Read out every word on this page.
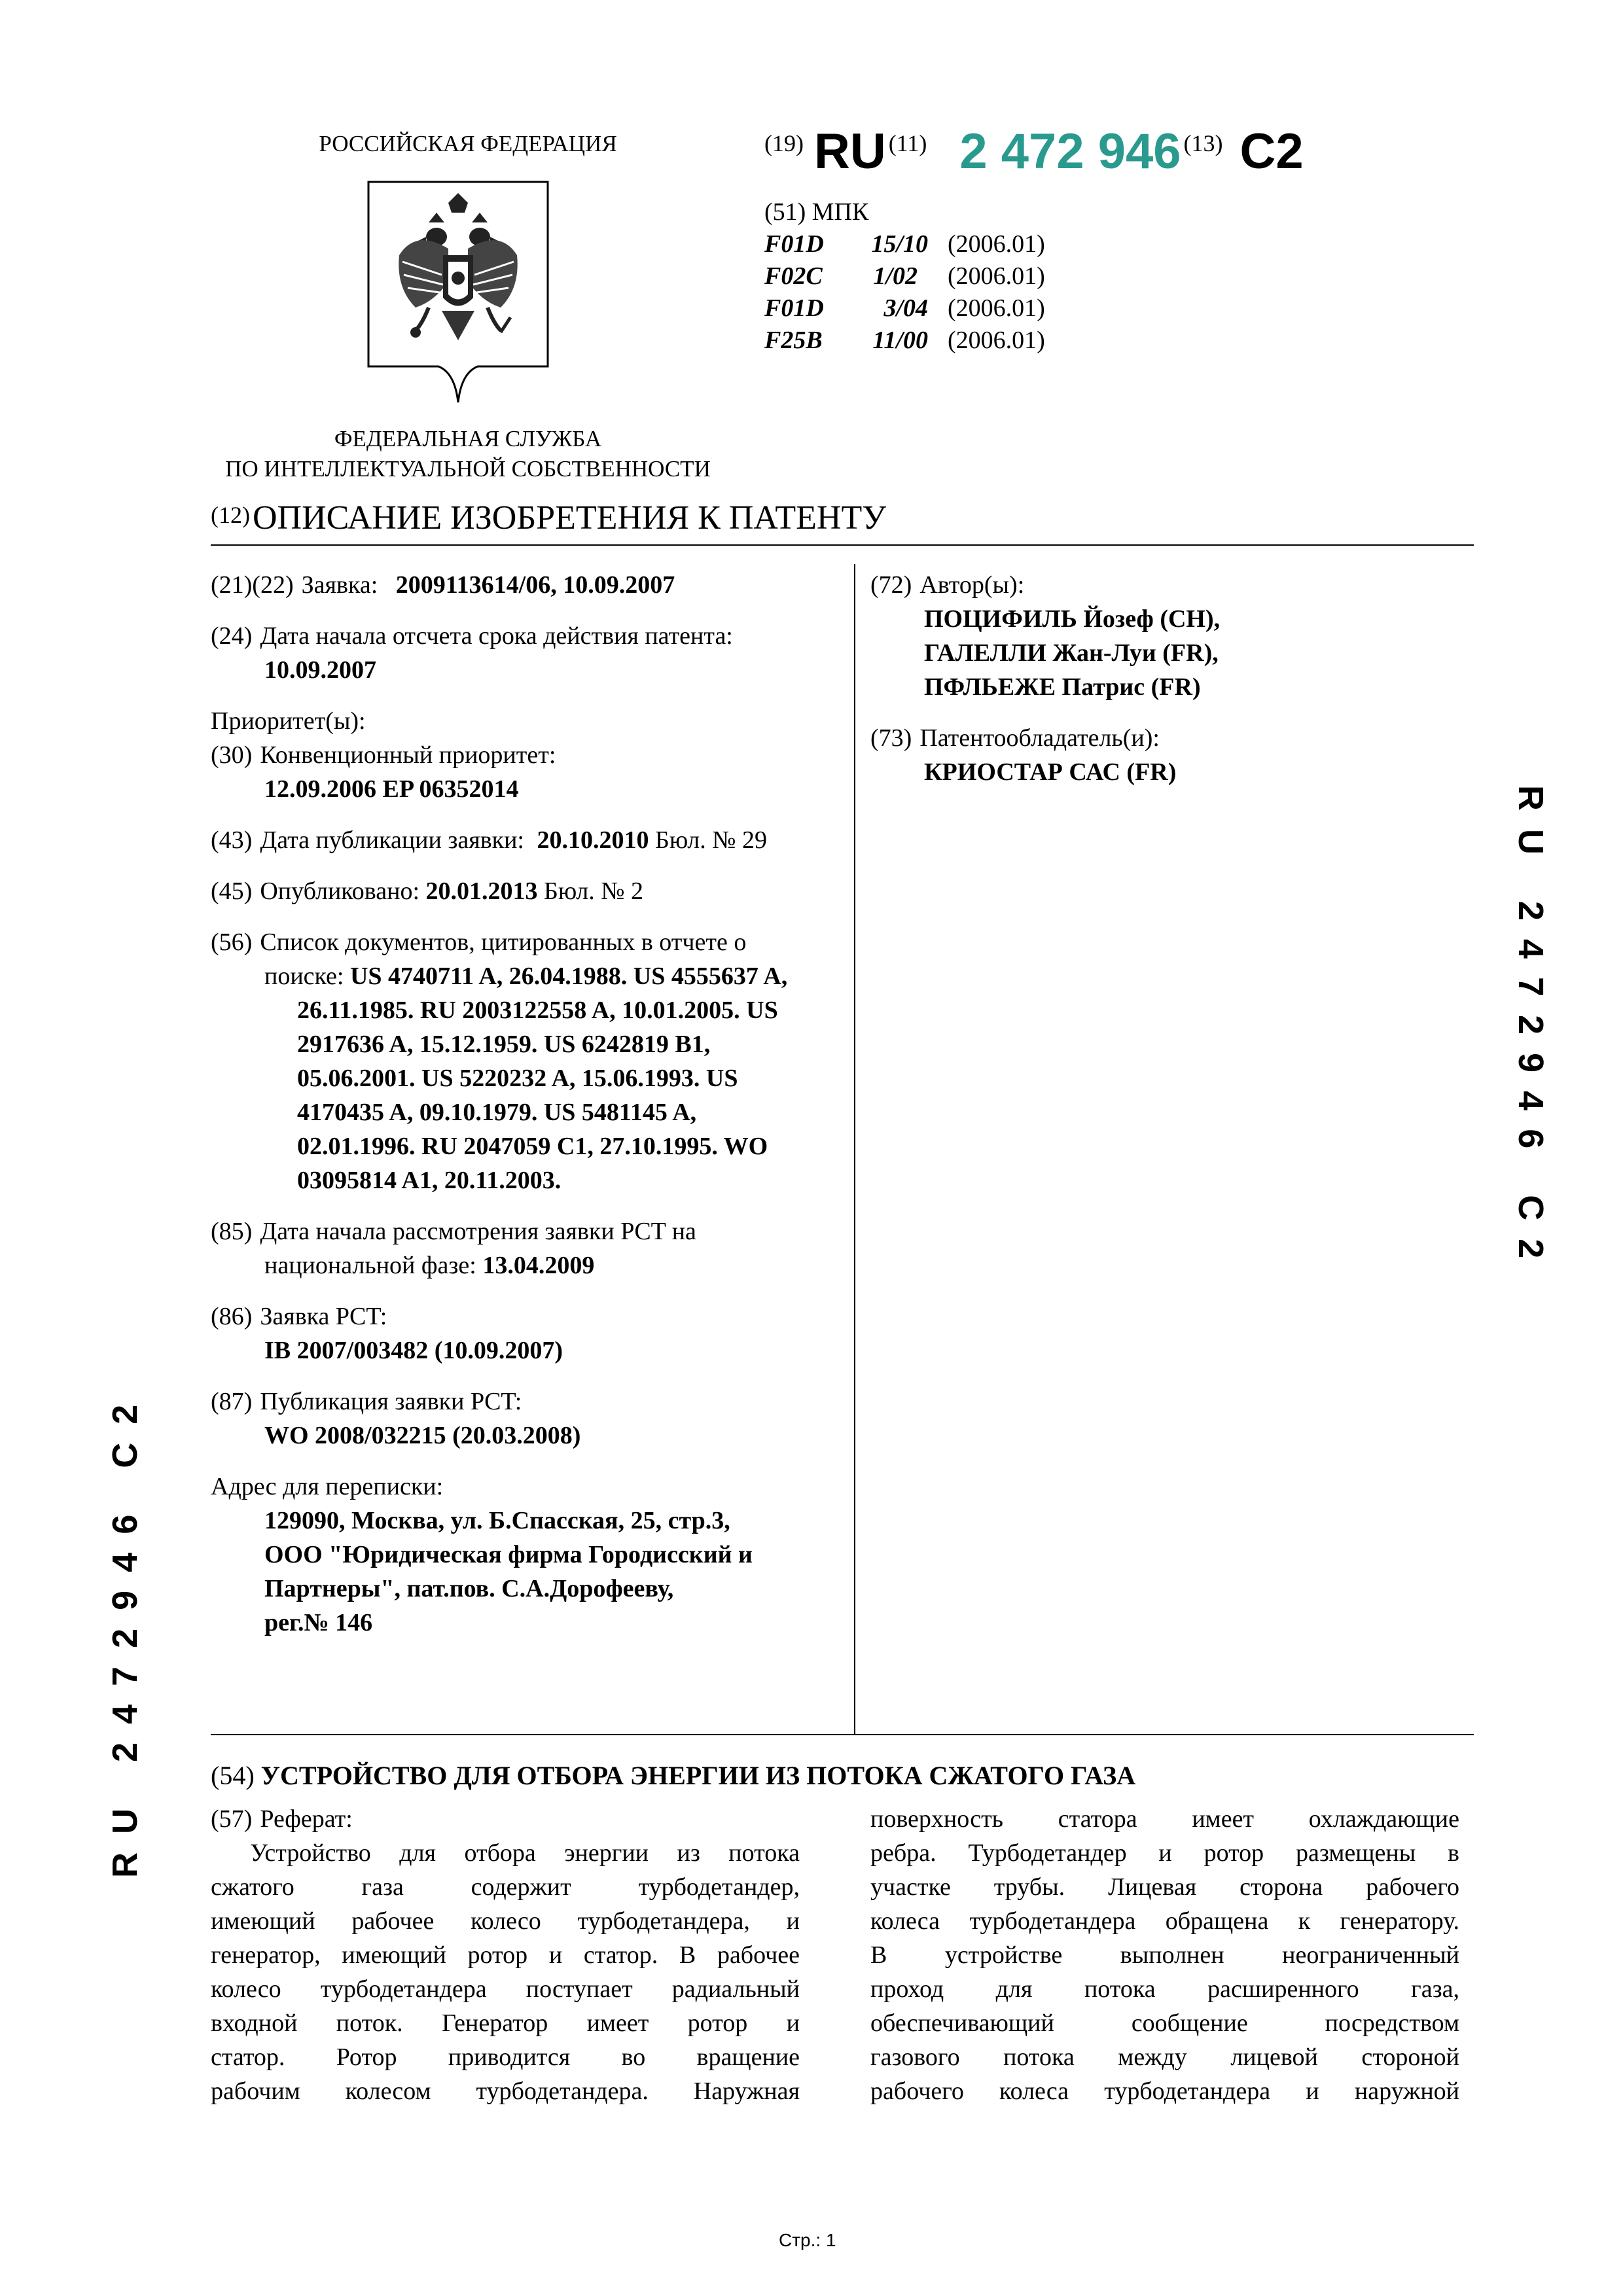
РОССИЙСКАЯ ФЕДЕРАЦИЯ
ФЕДЕРАЛЬНАЯ СЛУЖБА
ПО ИНТЕЛЛЕКТУАЛЬНОЙ СОБСТВЕННОСТИ
(19) RU (11) 2 472 946 (13) C2
(51) МПК
F01D 15/10 (2006.01)
F02C 1/02 (2006.01)
F01D 3/04 (2006.01)
F25B 11/00 (2006.01)
(12) ОПИСАНИЕ ИЗОБРЕТЕНИЯ К ПАТЕНТУ
(21)(22) Заявка: 2009113614/06, 10.09.2007
(24) Дата начала отсчета срока действия патента:
10.09.2007
Приоритет(ы):
(30) Конвенционный приоритет:
12.09.2006 EP 06352014
(43) Дата публикации заявки: 20.10.2010 Бюл. № 29
(45) Опубликовано: 20.01.2013 Бюл. № 2
(56) Список документов, цитированных в отчете о
поиске: US 4740711 A, 26.04.1988. US 4555637 A,
26.11.1985. RU 2003122558 A, 10.01.2005. US
2917636 A, 15.12.1959. US 6242819 B1,
05.06.2001. US 5220232 A, 15.06.1993. US
4170435 A, 09.10.1979. US 5481145 A,
02.01.1996. RU 2047059 C1, 27.10.1995. WO
03095814 A1, 20.11.2003.
(85) Дата начала рассмотрения заявки PCT на
национальной фазе: 13.04.2009
(86) Заявка PCT:
IB 2007/003482 (10.09.2007)
(87) Публикация заявки PCT:
WO 2008/032215 (20.03.2008)
Адрес для переписки:
129090, Москва, ул. Б.Спасская, 25, стр.3,
ООО "Юридическая фирма Городисский и
Партнеры", пат.пов. С.А.Дорофееву,
рег.№ 146
(72) Автор(ы):
ПОЦИФИЛЬ Йозеф (CH),
ГАЛЕЛЛИ Жан-Луи (FR),
ПФЛЬЕЖЕ Патрис (FR)
(73) Патентообладатель(и):
КРИОСТАР САС (FR)
(54) УСТРОЙСТВО ДЛЯ ОТБОРА ЭНЕРГИИ ИЗ ПОТОКА СЖАТОГО ГАЗА
(57) Реферат:
Устройство для отбора энергии из потока
сжатого газа содержит турбодетандер,
имеющий рабочее колесо турбодетандера, и
генератор, имеющий ротор и статор. В рабочее
колесо турбодетандера поступает радиальный
входной поток. Генератор имеет ротор и
статор. Ротор приводится во вращение
рабочим колесом турбодетандера. Наружная
поверхность статора имеет охлаждающие
ребра. Турбодетандер и ротор размещены в
участке трубы. Лицевая сторона рабочего
колеса турбодетандера обращена к генератору.
В устройстве выполнен неограниченный
проход для потока расширенного газа,
обеспечивающий сообщение посредством
газового потока между лицевой стороной
рабочего колеса турбодетандера и наружной
RU 2472946 C2
RU 2472946 C2
Стр.: 1
